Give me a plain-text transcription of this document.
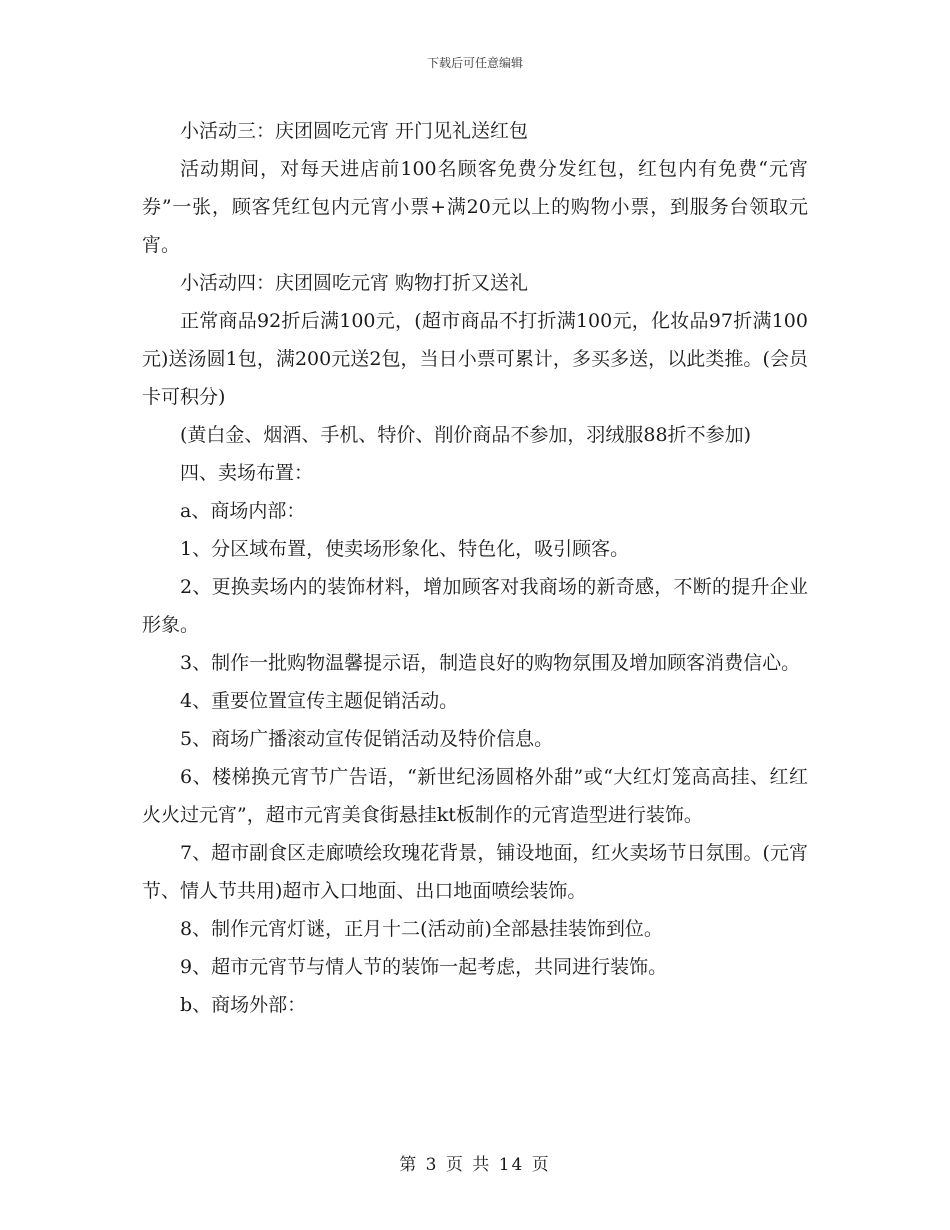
下载后可任意编辑

小活动三：庆团圆吃元宵 开门见礼送红包

活动期间，对每天进店前100名顾客免费分发红包，红包内有免费“元宵券”一张，顾客凭红包内元宵小票+满20元以上的购物小票，到服务台领取元宵。

小活动四：庆团圆吃元宵 购物打折又送礼

正常商品92折后满100元，(超市商品不打折满100元，化妆品97折满100元)送汤圆1包，满200元送2包，当日小票可累计，多买多送，以此类推。(会员卡可积分)

(黄白金、烟酒、手机、特价、削价商品不参加，羽绒服88折不参加)

四、卖场布置：

a、商场内部：

1、分区域布置，使卖场形象化、特色化，吸引顾客。

2、更换卖场内的装饰材料，增加顾客对我商场的新奇感，不断的提升企业形象。

3、制作一批购物温馨提示语，制造良好的购物氛围及增加顾客消费信心。

4、重要位置宣传主题促销活动。

5、商场广播滚动宣传促销活动及特价信息。

6、楼梯换元宵节广告语，“新世纪汤圆格外甜”或“大红灯笼高高挂、红红火火过元宵”，超市元宵美食街悬挂kt板制作的元宵造型进行装饰。

7、超市副食区走廊喷绘玫瑰花背景，铺设地面，红火卖场节日氛围。(元宵节、情人节共用)超市入口地面、出口地面喷绘装饰。

8、制作元宵灯谜，正月十二(活动前)全部悬挂装饰到位。

9、超市元宵节与情人节的装饰一起考虑，共同进行装饰。

b、商场外部：

第 3 页 共 14 页
